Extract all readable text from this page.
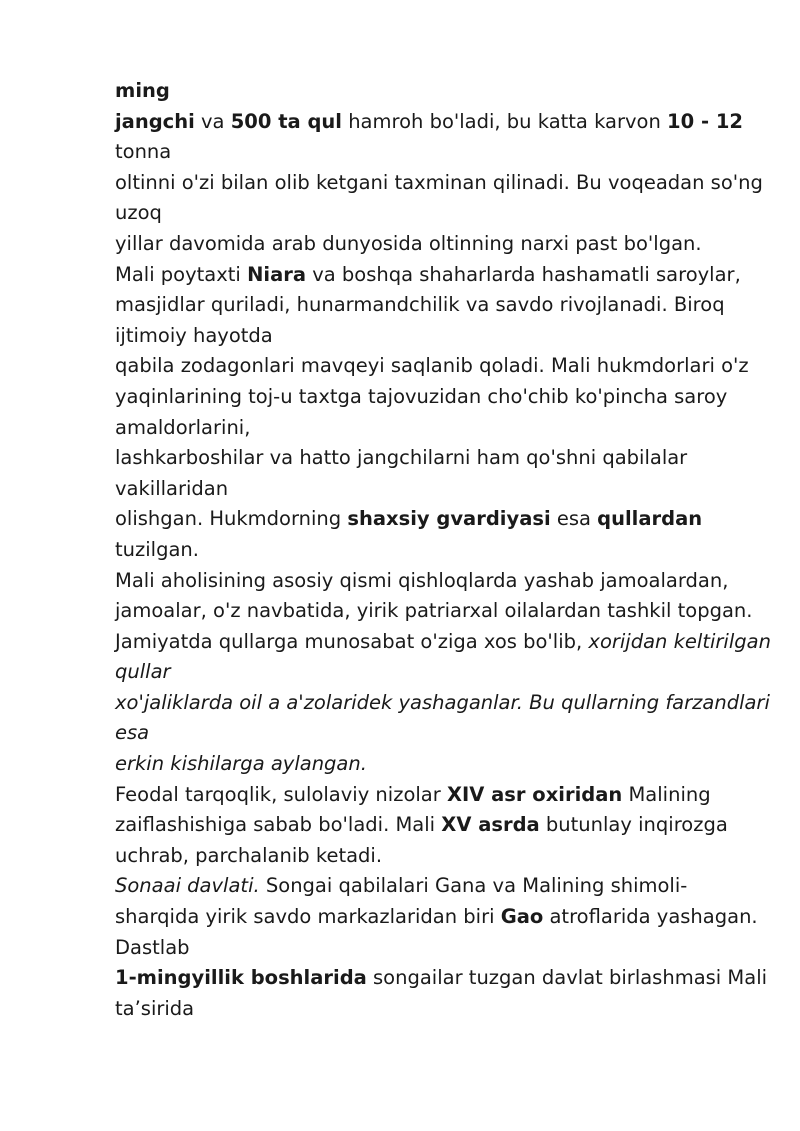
ming
jangchi va 500 ta qul hamroh bo'ladi, bu katta karvon 10 - 12
tonna
oltinni o'zi bilan olib ketgani taxminan qilinadi. Bu voqeadan so'ng
uzoq
yillar davomida arab dunyosida oltinning narxi past bo'lgan.
Mali poytaxti Niara va boshqa shaharlarda hashamatli saroylar,
masjidlar quriladi, hunarmandchilik va savdo rivojlanadi. Biroq
ijtimoiy hayotda
qabila zodagonlari mavqeyi saqlanib qoladi. Mali hukmdorlari o'z
yaqinlarining toj-u taxtga tajovuzidan cho'chib ko'pincha saroy
amaldorlarini,
lashkarboshilar va hatto jangchilarni ham qo'shni qabilalar
vakillaridan
olishgan. Hukmdorning shaxsiy gvardiyasi esa qullardan
tuzilgan.
Mali aholisining asosiy qismi qishloqlarda yashab jamoalardan,
jamoalar, o'z navbatida, yirik patriarxal oilalardan tashkil topgan.
Jamiyatda qullarga munosabat o'ziga xos bo'lib, xorijdan keltirilgan
qullar
xo'jaliklarda oil a a'zolaridek yashaganlar. Bu qullarning farzandlari
esa
erkin kishilarga aylangan.
Feodal tarqoqlik, sulolaviy nizolar XIV asr oxiridan Malining
zaiflashishiga sabab bo'ladi. Mali XV asrda butunlay inqirozga
uchrab, parchalanib ketadi.
Sonaai davlati. Songai qabilalari Gana va Malining shimoli-
sharqida yirik savdo markazlaridan biri Gao atroflarida yashagan.
Dastlab
1-mingyillik boshlarida songailar tuzgan davlat birlashmasi Mali
ta’sirida
